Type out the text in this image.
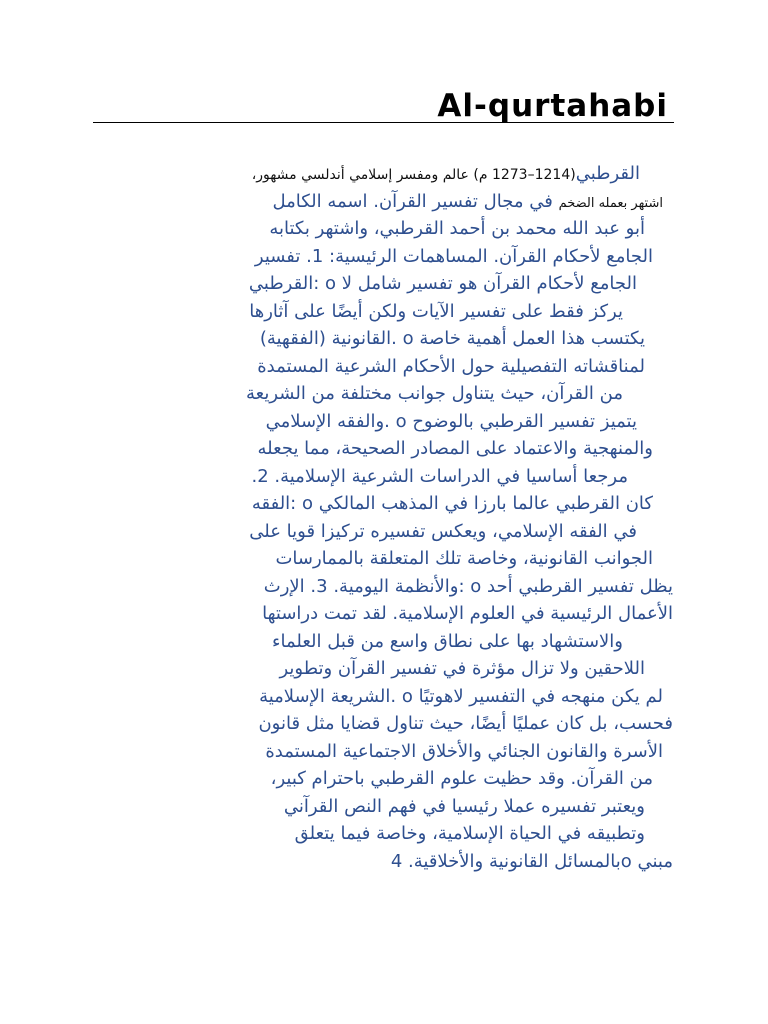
Al-qurtahabi
القرطبي(1214–1273 م) عالم ومفسر إسلامي أندلسي مشهور،
اشتهر بعمله الضخم في مجال تفسير القرآن. اسمه الكامل
أبو عبد الله محمد بن أحمد القرطبي، واشتهر بكتابه
الجامع لأحكام القرآن. المساهمات الرئيسية: 1. تفسير
الجامع لأحكام القرآن هو تفسير شامل لا o :القرطبي
يركز فقط على تفسير الآيات ولكن أيضًا على آثارها
يكتسب هذا العمل أهمية خاصة o .القانونية (الفقهية)
لمناقشاته التفصيلية حول الأحكام الشرعية المستمدة
من القرآن، حيث يتناول جوانب مختلفة من الشريعة
يتميز تفسير القرطبي بالوضوح o .والفقه الإسلامي
والمنهجية والاعتماد على المصادر الصحيحة، مما يجعله
مرجعا أساسيا في الدراسات الشرعية الإسلامية. 2.
كان القرطبي عالما بارزا في المذهب المالكي o :الفقه
في الفقه الإسلامي، ويعكس تفسيره تركيزا قويا على
الجوانب القانونية، وخاصة تلك المتعلقة بالممارسات
يظل تفسير القرطبي أحد o :والأنظمة اليومية. 3. الإرث
الأعمال الرئيسية في العلوم الإسلامية. لقد تمت دراستها
والاستشهاد بها على نطاق واسع من قبل العلماء
اللاحقين ولا تزال مؤثرة في تفسير القرآن وتطوير
لم يكن منهجه في التفسير لاهوتيًا o .الشريعة الإسلامية
فحسب، بل كان عمليًا أيضًا، حيث تناول قضايا مثل قانون
الأسرة والقانون الجنائي والأخلاق الاجتماعية المستمدة
من القرآن. وقد حظيت علوم القرطبي باحترام كبير،
ويعتبر تفسيره عملا رئيسيا في فهم النص القرآني
وتطبيقه في الحياة الإسلامية، وخاصة فيما يتعلق
مبني oبالمسائل القانونية والأخلاقية. 4
